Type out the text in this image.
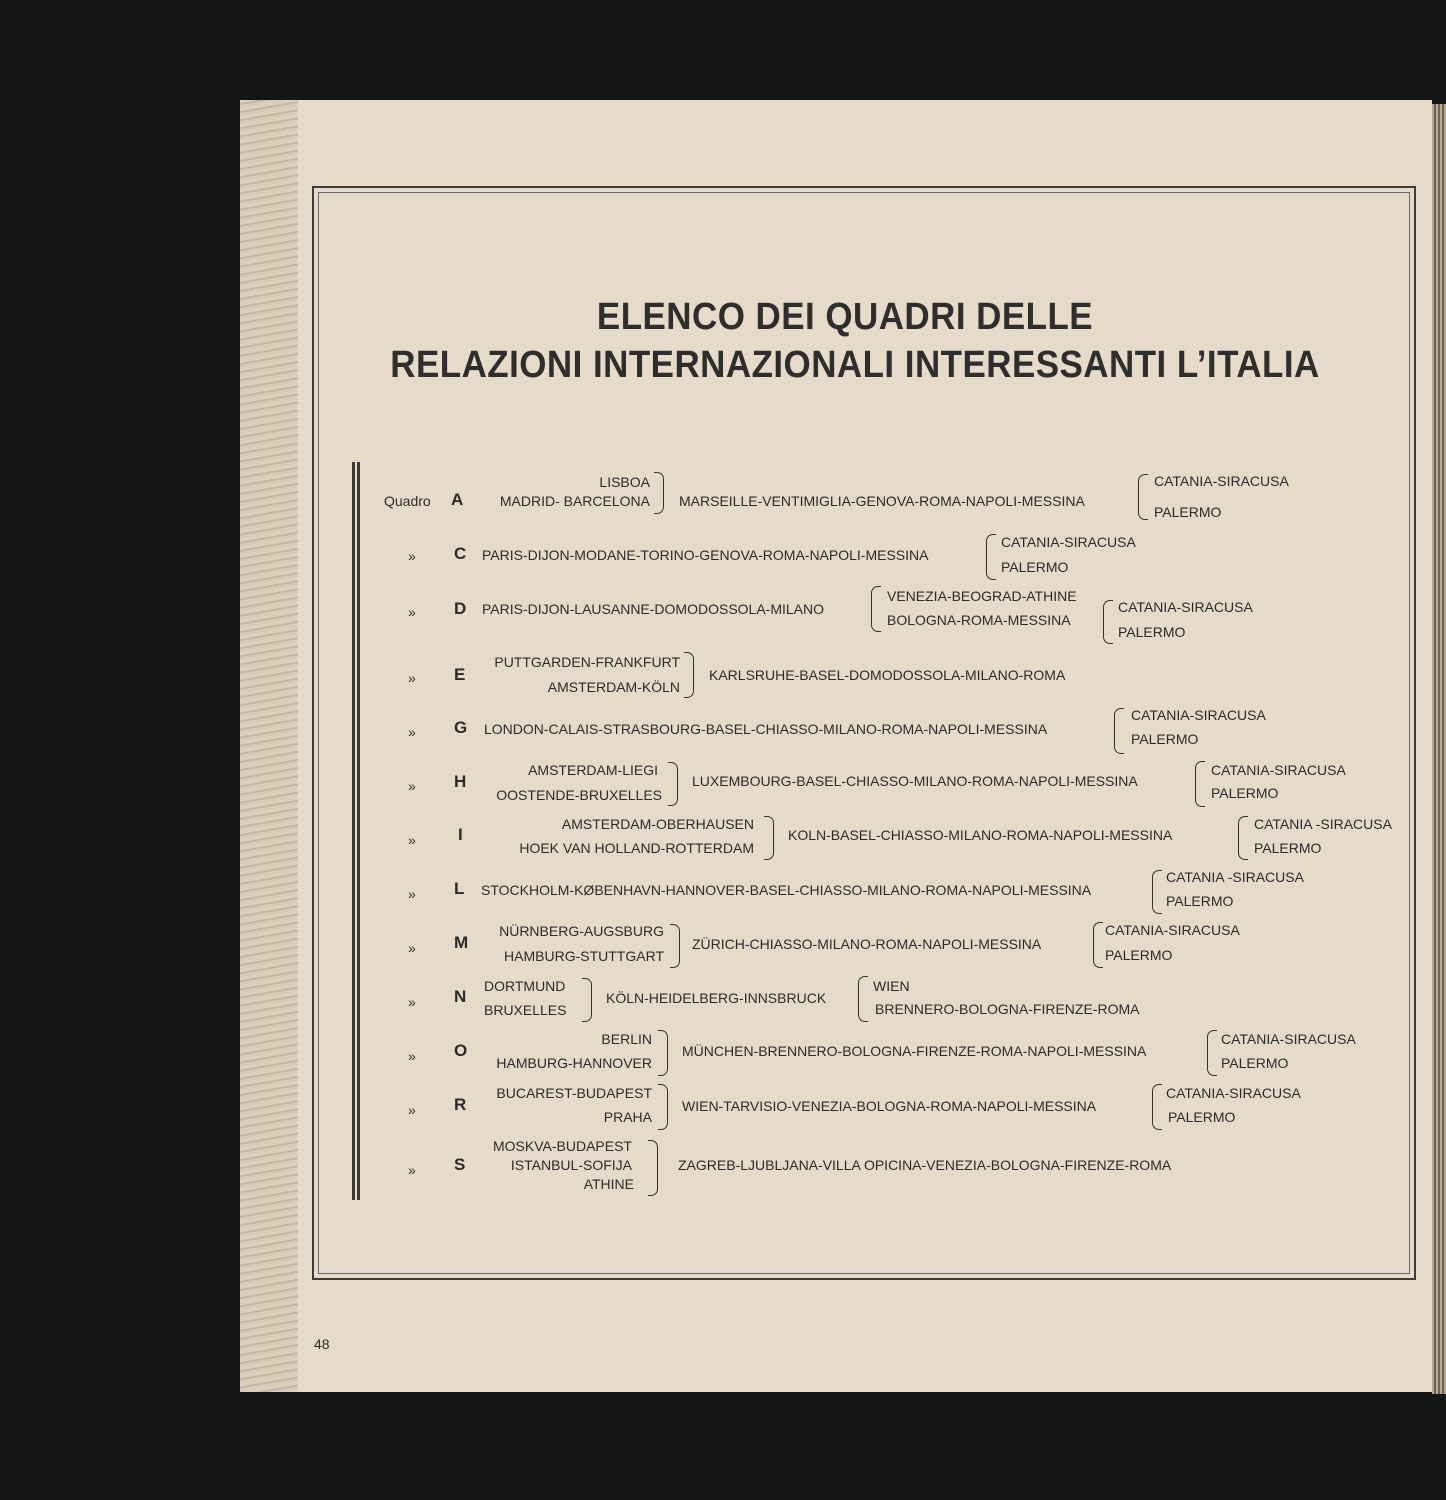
ELENCO DEI QUADRI DELLE
RELAZIONI INTERNAZIONALI INTERESSANTI L’ITALIA
Quadro A
LISBOA
MADRID- BARCELONA MARSEILLE-VENTIMIGLIA-GENOVA-ROMA-NAPOLI-MESSINA
CATANIA-SIRACUSA
PALERMO
» C PARIS-DIJON-MODANE-TORINO-GENOVA-ROMA-NAPOLI-MESSINA
CATANIA-SIRACUSA
PALERMO
» D PARIS-DIJON-LAUSANNE-DOMODOSSOLA-MILANO
VENEZIA-BEOGRAD-ATHINE
BOLOGNA-ROMA-MESSINA
CATANIA-SIRACUSA
PALERMO
» E
PUTTGARDEN-FRANKFURT
AMSTERDAM-KÖLN
KARLSRUHE-BASEL-DOMODOSSOLA-MILANO-ROMA
» G LONDON-CALAIS-STRASBOURG-BASEL-CHIASSO-MILANO-ROMA-NAPOLI-MESSINA
CATANIA-SIRACUSA
PALERMO
» H
AMSTERDAM-LIEGI
OOSTENDE-BRUXELLES
LUXEMBOURG-BASEL-CHIASSO-MILANO-ROMA-NAPOLI-MESSINA
CATANIA-SIRACUSA
PALERMO
» I
AMSTERDAM-OBERHAUSEN
HOEK VAN HOLLAND-ROTTERDAM
KOLN-BASEL-CHIASSO-MILANO-ROMA-NAPOLI-MESSINA
CATANIA -SIRACUSA
PALERMO
» L STOCKHOLM-KØBENHAVN-HANNOVER-BASEL-CHIASSO-MILANO-ROMA-NAPOLI-MESSINA
CATANIA -SIRACUSA
PALERMO
» M
NÜRNBERG-AUGSBURG
HAMBURG-STUTTGART
ZÜRICH-CHIASSO-MILANO-ROMA-NAPOLI-MESSINA
CATANIA-SIRACUSA
PALERMO
» N
DORTMUND
BRUXELLES
KÖLN-HEIDELBERG-INNSBRUCK
WIEN
BRENNERO-BOLOGNA-FIRENZE-ROMA
» O
BERLIN
HAMBURG-HANNOVER
MÜNCHEN-BRENNERO-BOLOGNA-FIRENZE-ROMA-NAPOLI-MESSINA
CATANIA-SIRACUSA
PALERMO
» R
BUCAREST-BUDAPEST
PRAHA
WIEN-TARVISIO-VENEZIA-BOLOGNA-ROMA-NAPOLI-MESSINA
CATANIA-SIRACUSA
PALERMO
» S
MOSKVA-BUDAPEST
ISTANBUL-SOFIJA
ATHINE
ZAGREB-LJUBLJANA-VILLA OPICINA-VENEZIA-BOLOGNA-FIRENZE-ROMA
48
